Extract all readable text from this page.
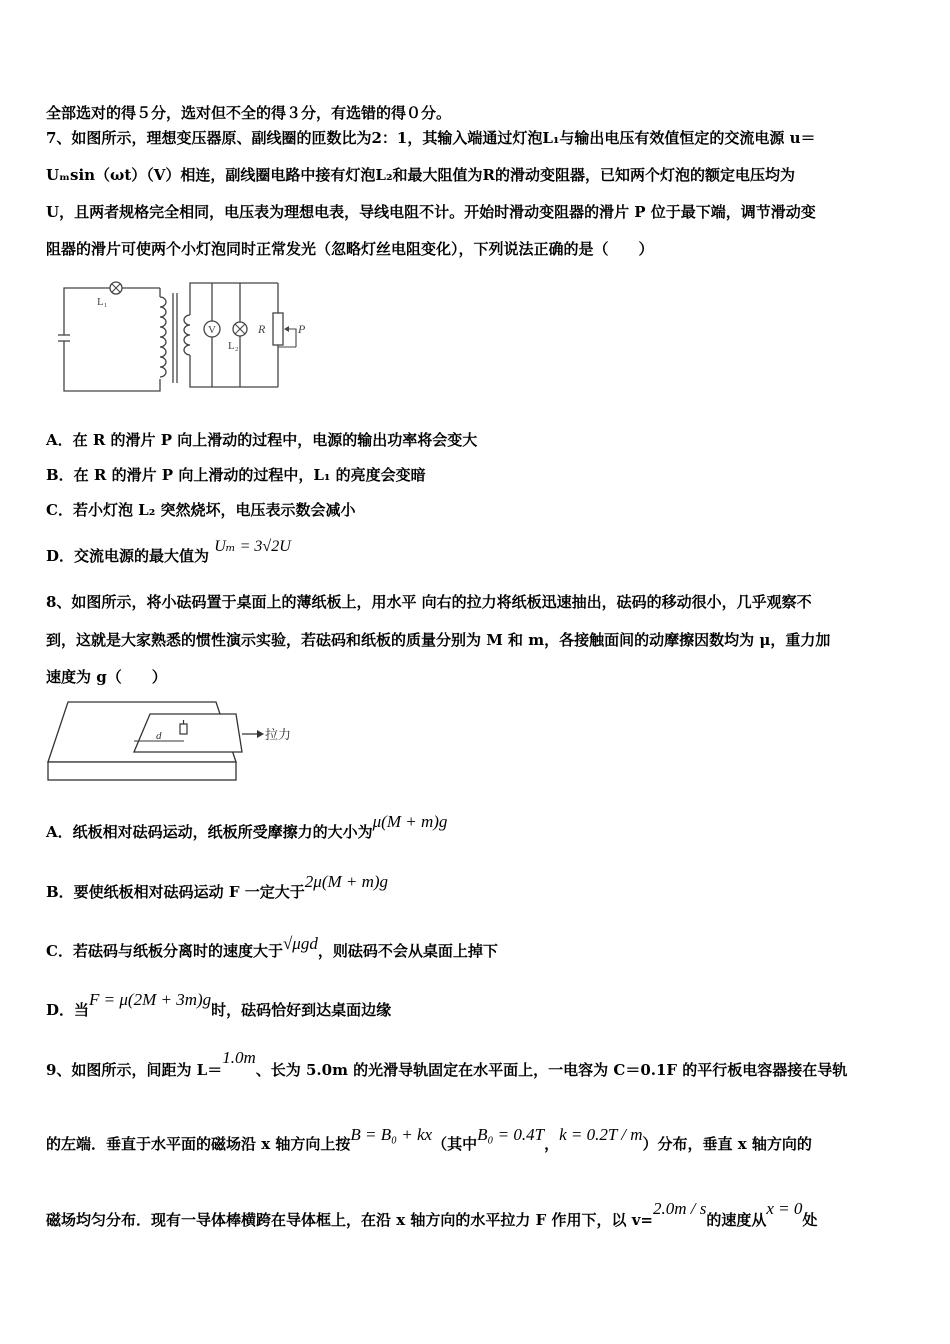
全部选对的得５分，选对但不全的得３分，有选错的得０分。
7、如图所示，理想变压器原、副线圈的匝数比为2：1，其输入端通过灯泡L₁与输出电压有效值恒定的交流电源 u＝
Uₘsin（ωt）（V）相连，副线圈电路中接有灯泡L₂和最大阻值为R的滑动变阻器，已知两个灯泡的额定电压均为
U，且两者规格完全相同，电压表为理想电表，导线电阻不计。开始时滑动变阻器的滑片 P 位于最下端，调节滑动变
阻器的滑片可使两个小灯泡同时正常发光（忽略灯丝电阻变化），下列说法正确的是（　　）
L₁
V
L₂
R	P
A．在 R 的滑片 P 向上滑动的过程中，电源的输出功率将会变大
B．在 R 的滑片 P 向上滑动的过程中，L₁ 的亮度会变暗
C．若小灯泡 L₂ 突然烧坏，电压表示数会减小
D．交流电源的最大值为 Uₘ = 3√2U
8、如图所示，将小砝码置于桌面上的薄纸板上，用水平 向右的拉力将纸板迅速抽出，砝码的移动很小，几乎观察不
到，这就是大家熟悉的惯性演示实验，若砝码和纸板的质量分别为 M 和 m，各接触面间的动摩擦因数均为 μ，重力加
速度为 g（　　）
d	拉力
A．纸板相对砝码运动，纸板所受摩擦力的大小为μ(M + m)g
B．要使纸板相对砝码运动 F 一定大于2μ(M + m)g
C．若砝码与纸板分离时的速度大于√μgd，则砝码不会从桌面上掉下
D．当F = μ(2M + 3m)g时，砝码恰好到达桌面边缘
9、如图所示，间距为 L＝1.0m、长为 5.0m 的光滑导轨固定在水平面上，一电容为 C＝0.1F 的平行板电容器接在导轨
的左端．垂直于水平面的磁场沿 x 轴方向上按B = B₀ + kx（其中B₀ = 0.4T，k = 0.2T / m）分布，垂直 x 轴方向的
磁场均匀分布．现有一导体棒横跨在导体框上，在沿 x 轴方向的水平拉力 F 作用下，以 v=2.0m / s的速度从x = 0处
